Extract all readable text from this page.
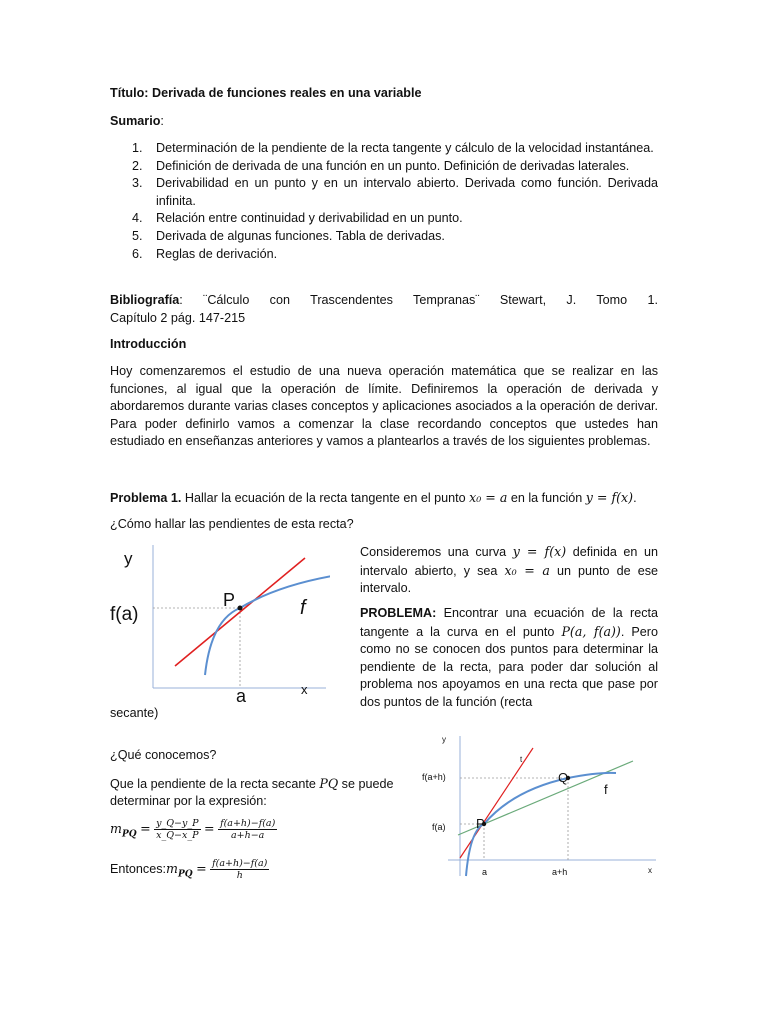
Título: Derivada de funciones reales en una variable
Sumario:
1. Determinación de la pendiente de la recta tangente y cálculo de la velocidad instantánea.
2. Definición de derivada de una función en un punto. Definición de derivadas laterales.
3. Derivabilidad en un punto y en un intervalo abierto. Derivada como función. Derivada infinita.
4. Relación entre continuidad y derivabilidad en un punto.
5. Derivada de algunas funciones. Tabla de derivadas.
6. Reglas de derivación.
Bibliografía: ¨Cálculo con Trascendentes Tempranas¨ Stewart, J. Tomo 1.
Capítulo 2 pág. 147-215
Introducción
Hoy comenzaremos el estudio de una nueva operación matemática que se realizar en las funciones, al igual que la operación de límite. Definiremos la operación de derivada y abordaremos durante varias clases conceptos y aplicaciones asociados a la operación de derivar. Para poder definirlo vamos a comenzar la clase recordando conceptos que ustedes han estudiado en enseñanzas anteriores y vamos a plantearlos a través de los siguientes problemas.
Problema 1. Hallar la ecuación de la recta tangente en el punto x₀ = a en la función y = f(x).
¿Cómo hallar las pendientes de esta recta?
y
f(a)
P	f
a	x
Consideremos una curva y = f(x) definida en un intervalo abierto, y sea x₀ = a un punto de ese intervalo.
PROBLEMA: Encontrar una ecuación de la recta tangente a la curva en el punto P(a, f(a)). Pero como no se conocen dos puntos para determinar la pendiente de la recta, para poder dar solución al problema nos apoyamos en una recta que pase por dos puntos de la función (recta
secante)
¿Qué conocemos?
Que la pendiente de la recta secante PQ se puede
determinar por la expresión:
$m_{PQ} = \frac{y\_Q-y\_P}{x\_Q-x\_P} = \frac{f(a+h)-f(a)}{a+h-a}$
$Entonces:m_{PQ} = \frac{f(a+h)-f(a)}{h}$
y
t
f(a+h)	Q
f
f(a) P
a	a+h	x
